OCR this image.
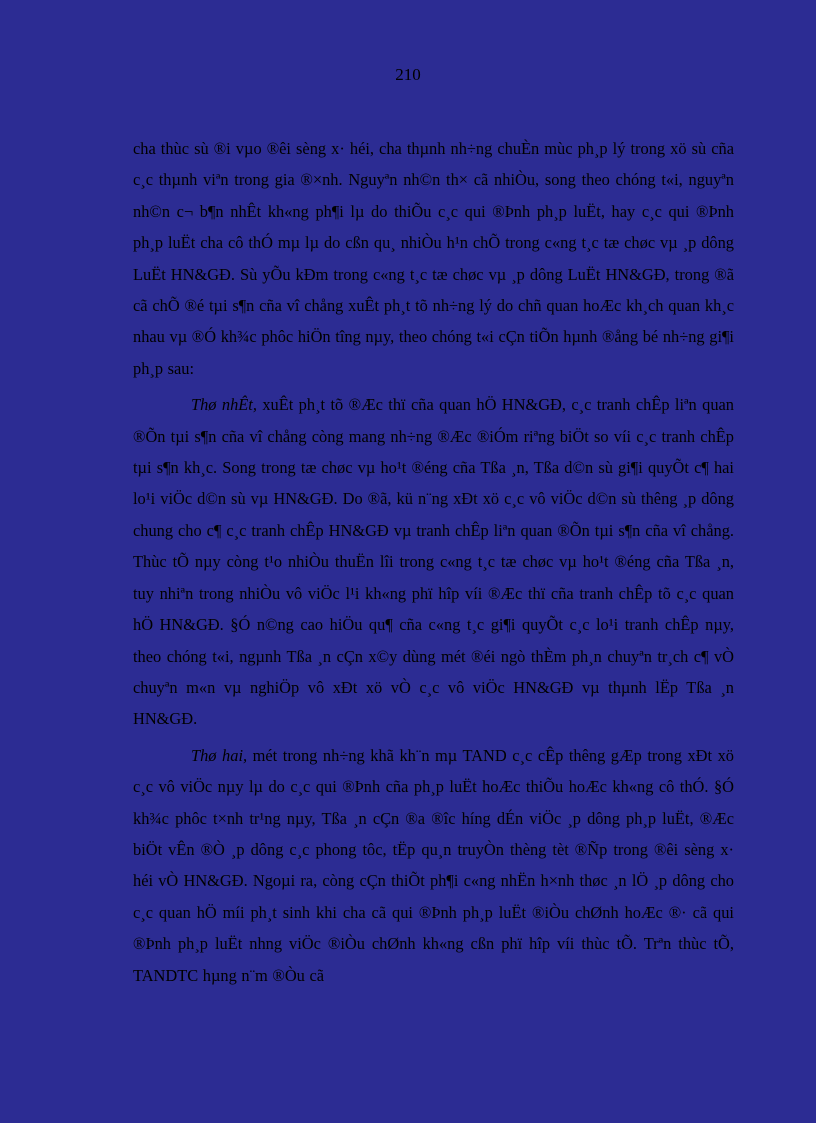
210

cha thùc sù ®i vµo ®êi sèng x· héi, cha thµnh nh÷ng chuÈn mùc ph¸p lý trong xö sù cña c¸c thµnh viªn trong gia ®×nh. Nguyªn nh©n th× cã nhiÒu, song theo chóng t«i, nguyªn nh©n c¬ b¶n nhÊt kh«ng ph¶i lµ do thiÕu c¸c qui ®Þnh ph¸p luËt, hay c¸c qui ®Þnh ph¸p luËt cha cô thÓ mµ lµ do cßn qu¸ nhiÒu h¹n chÕ trong c«ng t¸c tæ chøc vµ ¸p dông LuËt HN&GĐ. Sù yÕu kÐm trong c«ng t¸c tæ chøc vµ ¸p dông LuËt HN&GĐ, trong ®ã cã chÕ ®é tµi s¶n cña vî chång xuÊt ph¸t tõ nh÷ng lý do chñ quan hoÆc kh¸ch quan kh¸c nhau vµ ®Ó kh¾c phôc hiÖn tîng nµy, theo chóng t«i cÇn tiÕn hµnh ®ång bé nh÷ng gi¶i ph¸p sau:

Thø nhÊt, xuÊt ph¸t tõ ®Æc thï cña quan hÖ HN&GĐ, c¸c tranh chÊp liªn quan ®Õn tµi s¶n cña vî chång còng mang nh÷ng ®Æc ®iÓm riªng biÖt so víi c¸c tranh chÊp tµi s¶n kh¸c. Song trong tæ chøc vµ ho¹t ®éng cña Tßa ¸n, Tßa d©n sù gi¶i quyÕt c¶ hai lo¹i viÖc d©n sù vµ HN&GĐ. Do ®ã, kü n¨ng xÐt xö c¸c vô viÖc d©n sù thêng ¸p dông chung cho c¶ c¸c tranh chÊp HN&GĐ vµ tranh chÊp liªn quan ®Õn tµi s¶n cña vî chång. Thùc tÕ nµy còng t¹o nhiÒu thuËn lîi trong c«ng t¸c tæ chøc vµ ho¹t ®éng cña Tßa ¸n, tuy nhiªn trong nhiÒu vô viÖc l¹i kh«ng phï hîp víi ®Æc thï cña tranh chÊp tõ c¸c quan hÖ HN&GĐ. §Ó n©ng cao hiÖu qu¶ cña c«ng t¸c gi¶i quyÕt c¸c lo¹i tranh chÊp nµy, theo chóng t«i, ngµnh Tßa ¸n cÇn x©y dùng mét ®éi ngò thÈm ph¸n chuyªn tr¸ch c¶ vÒ chuyªn m«n vµ nghiÖp vô xÐt xö vÒ c¸c vô viÖc HN&GĐ vµ thµnh lËp Tßa ¸n HN&GĐ.

Thø hai, mét trong nh÷ng khã kh¨n mµ TAND c¸c cÊp thêng gÆp trong xÐt xö c¸c vô viÖc nµy lµ do c¸c qui ®Þnh cña ph¸p luËt hoÆc thiÕu hoÆc kh«ng cô thÓ. §Ó kh¾c phôc t×nh tr¹ng nµy, Tßa ¸n cÇn ®a ®îc híng dÉn viÖc ¸p dông ph¸p luËt, ®Æc biÖt vÊn ®Ò ¸p dông c¸c phong tôc, tËp qu¸n truyÒn thèng tèt ®Ñp trong ®êi sèng x· héi vÒ HN&GĐ. Ngoµi ra, còng cÇn thiÕt ph¶i c«ng nhËn h×nh thøc ¸n lÖ ¸p dông cho c¸c quan hÖ míi ph¸t sinh khi cha cã qui ®Þnh ph¸p luËt ®iÒu chØnh hoÆc ®· cã qui ®Þnh ph¸p luËt nhng viÖc ®iÒu chØnh kh«ng cßn phï hîp víi thùc tÕ. Trªn thùc tÕ, TANDTC hµng n¨m ®Òu cã
